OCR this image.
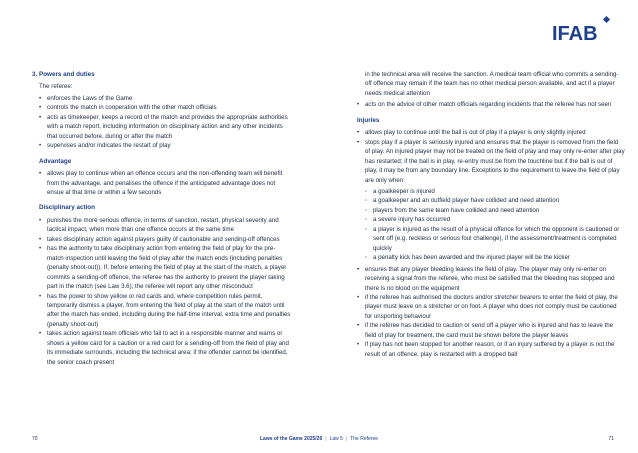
IFAB
3. Powers and duties
The referee:
• enforces the Laws of the Game
• controls the match in cooperation with the other match officials
• acts as timekeeper, keeps a record of the match and provides the appropriate authorities with a match report, including information on disciplinary action and any other incidents that occurred before, during or after the match
• supervises and/or indicates the restart of play
Advantage
• allows play to continue when an offence occurs and the non-offending team will benefit from the advantage, and penalises the offence if the anticipated advantage does not ensue at that time or within a few seconds
Disciplinary action
• punishes the more serious offence, in terms of sanction, restart, physical severity and tactical impact, when more than one offence occurs at the same time
• takes disciplinary action against players guilty of cautionable and sending-off offences
• has the authority to take disciplinary action from entering the field of play for the pre-match inspection until leaving the field of play after the match ends (including penalties (penalty shoot-out)). If, before entering the field of play at the start of the match, a player commits a sending-off offence, the referee has the authority to prevent the player taking part in the match (see Law 3.6); the referee will report any other misconduct
• has the power to show yellow or red cards and, where competition rules permit, temporarily dismiss a player, from entering the field of play at the start of the match until after the match has ended, including during the half-time interval, extra time and penalties (penalty shoot-out)
• takes action against team officials who fail to act in a responsible manner and warns or shows a yellow card for a caution or a red card for a sending-off from the field of play and its immediate surrounds, including the technical area; if the offender cannot be identified, the senior coach present
in the technical area will receive the sanction. A medical team official who commits a sending-off offence may remain if the team has no other medical person available, and act if a player needs medical attention
• acts on the advice of other match officials regarding incidents that the referee has not seen
Injuries
• allows play to continue until the ball is out of play if a player is only slightly injured
• stops play if a player is seriously injured and ensures that the player is removed from the field of play. An injured player may not be treated on the field of play and may only re-enter after play has restarted; if the ball is in play, re-entry must be from the touchline but if the ball is out of play, it may be from any boundary line. Exceptions to the requirement to leave the field of play are only when:
◦ a goalkeeper is injured
◦ a goalkeeper and an outfield player have collided and need attention
◦ players from the same team have collided and need attention
◦ a severe injury has occurred
◦ a player is injured as the result of a physical offence for which the opponent is cautioned or sent off (e.g. reckless or serious foul challenge), if the assessment/treatment is completed quickly
◦ a penalty kick has been awarded and the injured player will be the kicker
• ensures that any player bleeding leaves the field of play. The player may only re-enter on receiving a signal from the referee, who must be satisfied that the bleeding has stopped and there is no blood on the equipment
• if the referee has authorised the doctors and/or stretcher bearers to enter the field of play, the player must leave on a stretcher or on foot. A player who does not comply must be cautioned for unsporting behaviour
• if the referee has decided to caution or send off a player who is injured and has to leave the field of play for treatment, the card must be shown before the player leaves
• if play has not been stopped for another reason, or if an injury suffered by a player is not the result of an offence, play is restarted with a dropped ball
70	Laws of the Game 2025/26 | Law 5 | The Referee	71
